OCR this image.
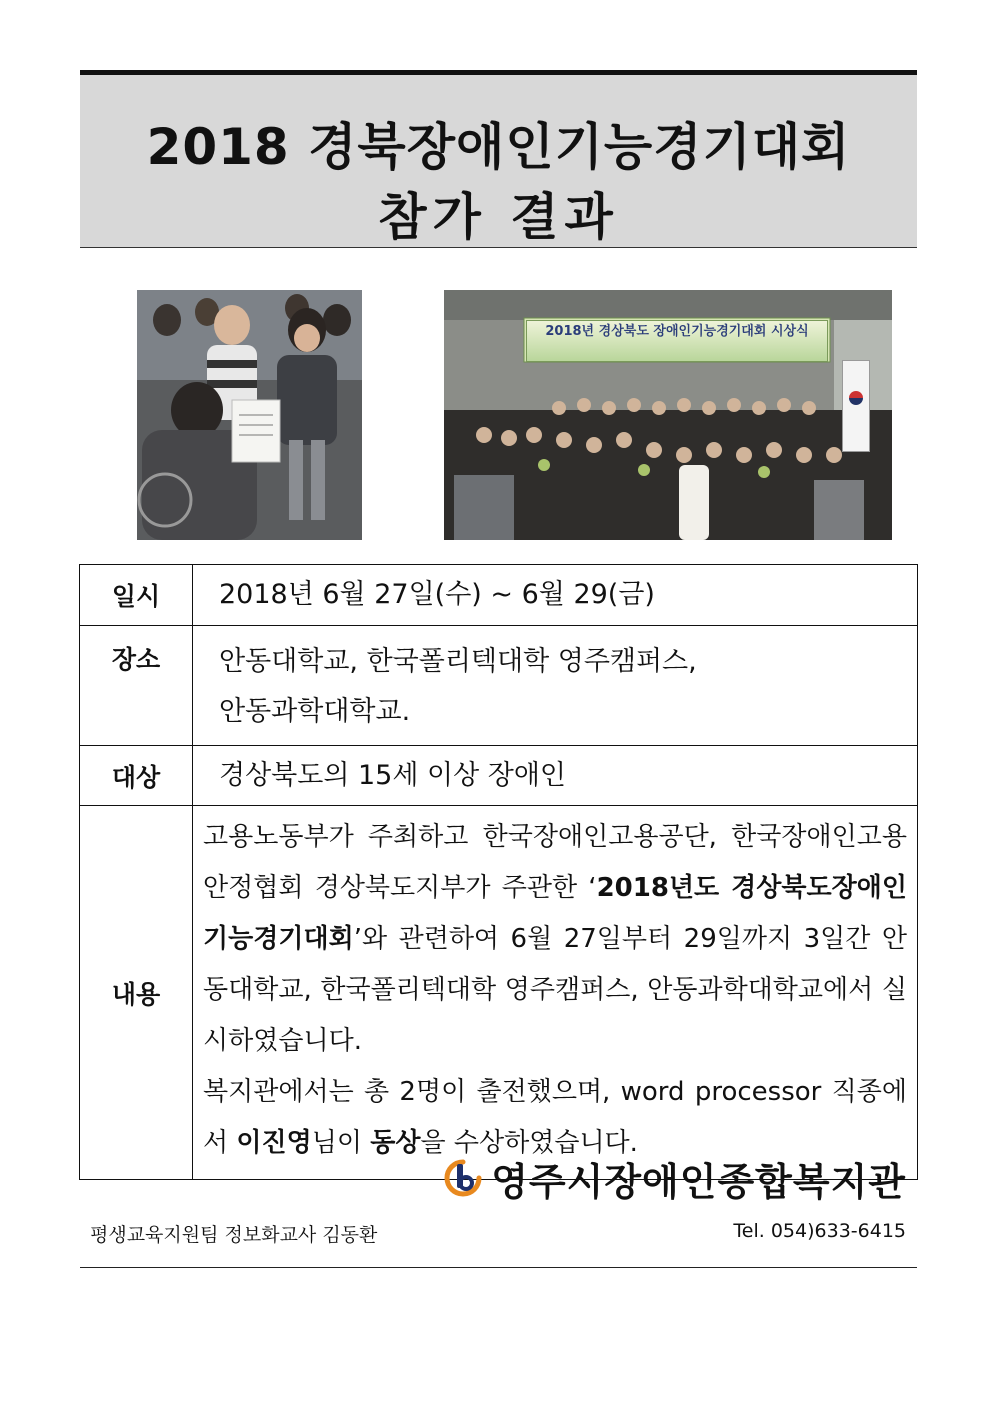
2018 경북장애인기능경기대회
참가 결과
2018년 경상북도 장애인기능경기대회 시상식
일시	2018년 6월 27일(수) ~ 6월 29(금)
장소	안동대학교, 한국폴리텍대학 영주캠퍼스,
안동과학대학교.

대상	경상북도의 15세 이상 장애인
내용	고용노동부가 주최하고 한국장애인고용공단, 한국장애인고용안정협회 경상북도지부가 주관한 ‘2018년도 경상북도장애인기능경기대회’와 관련하여 6월 27일부터 29일까지 3일간 안동대학교, 한국폴리텍대학 영주캠퍼스, 안동과학대학교에서 실시하였습니다.
복지관에서는 총 2명이 출전했으며, word processor 직종에서 이진영님이 동상을 수상하였습니다.
영주시장애인종합복지관
평생교육지원팀 정보화교사 김동환	Tel. 054)633-6415
